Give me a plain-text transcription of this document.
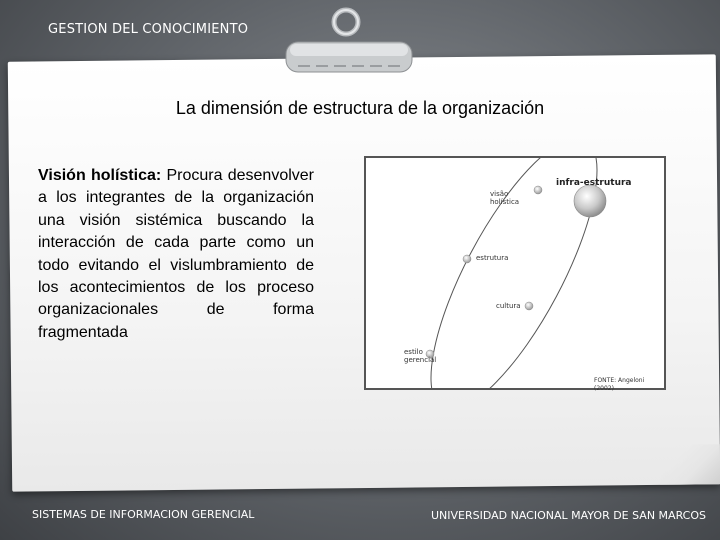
GESTION DEL CONOCIMIENTO
La dimensión de estructura de la organización
Visión holística: Procura desenvolver a los integrantes de la organización una visión sistémica buscando la interacción de cada parte como un todo evitando el vislumbramiento de los acontecimientos de los proceso organizacionales de forma fragmentada
infra-estrutura
visão holística
estrutura
cultura
estilo gerencial
FONTE: Angeloni (2002)
SISTEMAS DE INFORMACION GERENCIAL	UNIVERSIDAD NACIONAL MAYOR DE SAN MARCOS
